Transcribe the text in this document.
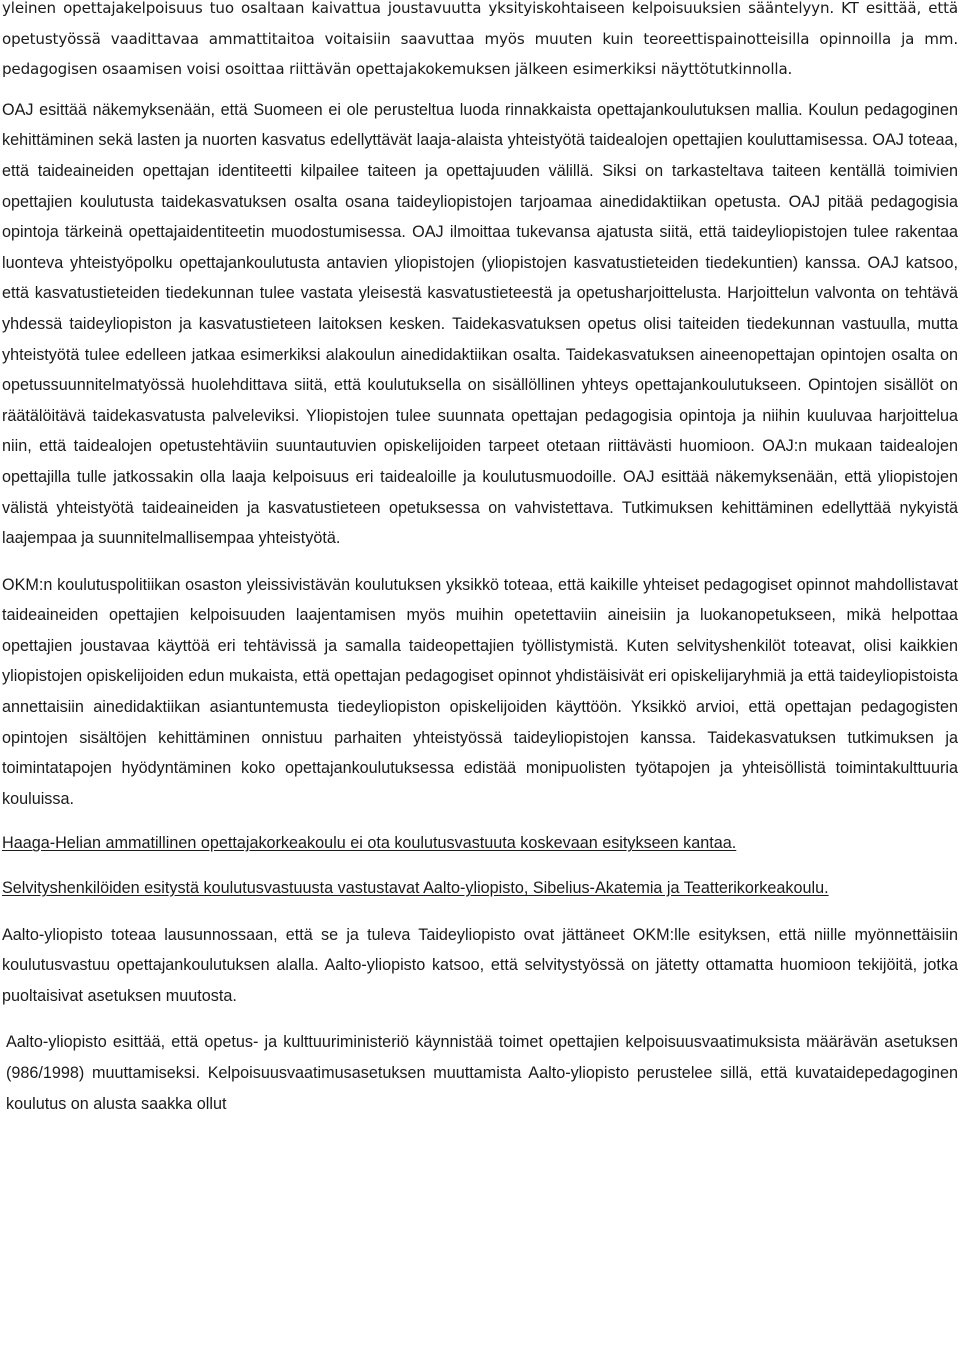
yleinen opettajakelpoisuus tuo osaltaan kaivattua joustavuutta yksityiskohtaiseen kelpoisuuksien sääntelyyn. KT esittää, että opetustyössä vaadittavaa ammattitaitoa voitaisiin saavuttaa myös muuten kuin teoreettispainotteisilla opinnoilla ja mm. pedagogisen osaamisen voisi osoittaa riittävän opettajakokemuksen jälkeen esimerkiksi näyttötutkinnolla.

OAJ esittää näkemyksenään, että Suomeen ei ole perusteltua luoda rinnakkaista opettajankoulutuksen mallia. Koulun pedagoginen kehittäminen sekä lasten ja nuorten kasvatus edellyttävät laaja-alaista yhteistyötä taidealojen opettajien kouluttamisessa. OAJ toteaa, että taideaineiden opettajan identiteetti kilpailee taiteen ja opettajuuden välillä. Siksi on tarkasteltava taiteen kentällä toimivien opettajien koulutusta taidekasvatuksen osalta osana taideyliopistojen tarjoamaa ainedidaktiikan opetusta. OAJ pitää pedagogisia opintoja tärkeinä opettajaidentiteetin muodostumisessa. OAJ ilmoittaa tukevansa ajatusta siitä, että taideyliopistojen tulee rakentaa luonteva yhteistyöpolku opettajankoulutusta antavien yliopistojen (yliopistojen kasvatustieteiden tiedekuntien) kanssa. OAJ katsoo, että kasvatustieteiden tiedekunnan tulee vastata yleisestä kasvatustieteestä ja opetusharjoittelusta. Harjoittelun valvonta on tehtävä yhdessä taideyliopiston ja kasvatustieteen laitoksen kesken. Taidekasvatuksen opetus olisi taiteiden tiedekunnan vastuulla, mutta yhteistyötä tulee edelleen jatkaa esimerkiksi alakoulun ainedidaktiikan osalta. Taidekasvatuksen aineenopettajan opintojen osalta on opetussuunnitelmatyössä huolehdittava siitä, että koulutuksella on sisällöllinen yhteys opettajankoulutukseen. Opintojen sisällöt on räätälöitävä taidekasvatusta palveleviksi. Yliopistojen tulee suunnata opettajan pedagogisia opintoja ja niihin kuuluvaa harjoittelua niin, että taidealojen opetustehtäviin suuntautuvien opiskelijoiden tarpeet otetaan riittävästi huomioon. OAJ:n mukaan taidealojen opettajilla tulle jatkossakin olla laaja kelpoisuus eri taidealoille ja koulutusmuodoille. OAJ esittää näkemyksenään, että yliopistojen välistä yhteistyötä taideaineiden ja kasvatustieteen opetuksessa on vahvistettava. Tutkimuksen kehittäminen edellyttää nykyistä laajempaa ja suunnitelmallisempaa yhteistyötä.

OKM:n koulutuspolitiikan osaston yleissivistävän koulutuksen yksikkö toteaa, että kaikille yhteiset pedagogiset opinnot mahdollistavat taideaineiden opettajien kelpoisuuden laajentamisen myös muihin opetettaviin aineisiin ja luokanopetukseen, mikä helpottaa opettajien joustavaa käyttöä eri tehtävissä ja samalla taideopettajien työllistymistä. Kuten selvityshenkilöt toteavat, olisi kaikkien yliopistojen opiskelijoiden edun mukaista, että opettajan pedagogiset opinnot yhdistäisivät eri opiskelijaryhmiä ja että taideyliopistoista annettaisiin ainedidaktiikan asiantuntemusta tiedeyliopiston opiskelijoiden käyttöön. Yksikkö arvioi, että opettajan pedagogisten opintojen sisältöjen kehittäminen onnistuu parhaiten yhteistyössä taideyliopistojen kanssa. Taidekasvatuksen tutkimuksen ja toimintatapojen hyödyntäminen koko opettajankoulutuksessa edistää monipuolisten työtapojen ja yhteisöllistä toimintakulttuuria kouluissa.

Haaga-Helian ammatillinen opettajakorkeakoulu ei ota koulutusvastuuta koskevaan esitykseen kantaa.

Selvityshenkilöiden esitystä koulutusvastuusta vastustavat Aalto-yliopisto, Sibelius-Akatemia ja Teatterikorkeakoulu.

Aalto-yliopisto toteaa lausunnossaan, että se ja tuleva Taideyliopisto ovat jättäneet OKM:lle esityksen, että niille myönnettäisiin koulutusvastuu opettajankoulutuksen alalla. Aalto-yliopisto katsoo, että selvitystyössä on jätetty ottamatta huomioon tekijöitä, jotka puoltaisivat asetuksen muutosta.

Aalto-yliopisto esittää, että opetus- ja kulttuuriministeriö käynnistää toimet opettajien kelpoisuusvaatimuksista määrävän asetuksen (986/1998) muuttamiseksi. Kelpoisuusvaatimusasetuksen muuttamista Aalto-yliopisto perustelee sillä, että kuvataidepedagoginen koulutus on alusta saakka ollut
